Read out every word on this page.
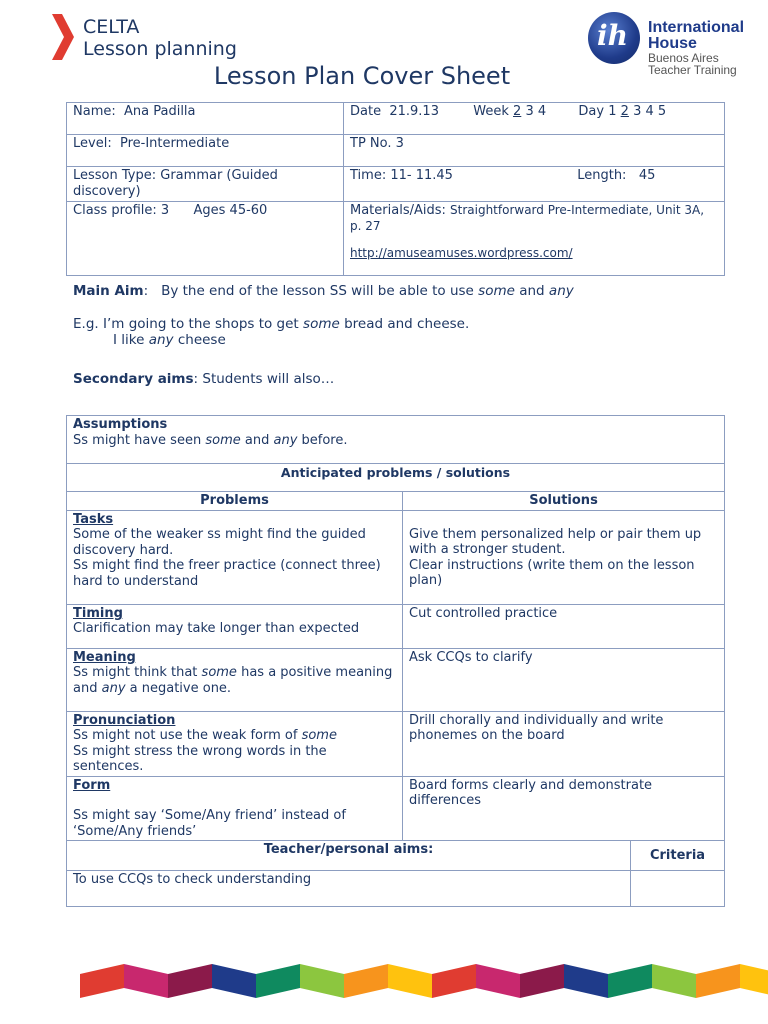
CELTA
Lesson planning
Lesson Plan Cover Sheet
ih International
House
Buenos Aires
Teacher Training
Name: Ana Padilla	Date 21.9.13 Week 2 3 4 Day 1 2 3 4 5
Level: Pre-Intermediate	TP No. 3
Lesson Type: Grammar (Guided discovery)	Time: 11- 11.45 Length: 45
Class profile: 3 Ages 45-60	Materials/Aids: Straightforward Pre-Intermediate, Unit 3A, p. 27
http://amuseamuses.wordpress.com/

Main Aim:   By the end of the lesson SS will be able to use some and any

E.g. I’m going to the shops to get some bread and cheese.

I like any cheese

Secondary aims: Students will also…

Assumptions
Ss might have seen some and any before.		
Anticipated problems / solutions		
Problems	Solutions	
Tasks
Some of the weaker ss might find the guided discovery hard.
Ss might find the freer practice (connect three) hard to understand	Give them personalized help or pair them up with a stronger student.
Clear instructions (write them on the lesson plan)	
Timing
Clarification may take longer than expected	Cut controlled practice	
Meaning
Ss might think that some has a positive meaning and any a negative one.	Ask CCQs to clarify	
Pronunciation
Ss might not use the weak form of some
Ss might stress the wrong words in the sentences.	Drill chorally and individually and write phonemes on the board	
Form

Ss might say ‘Some/Any friend’ instead of ‘Some/Any friends’	Board forms clearly and demonstrate differences	
Teacher/personal aims:		Criteria
To use CCQs to check understanding		
